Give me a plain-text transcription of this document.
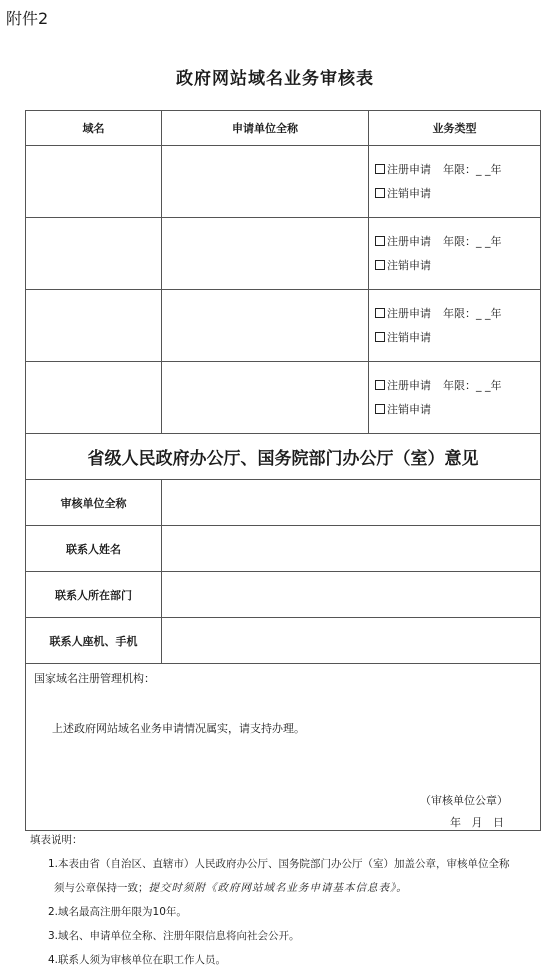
附件2
政府网站域名业务审核表
域名	申请单位全称	业务类型

		注册申请 年限：_ _年
注销申请

		注册申请 年限：_ _年
注销申请

		注册申请 年限：_ _年
注销申请

		注册申请 年限：_ _年
注销申请

省级人民政府办公厅、国务院部门办公厅（室）意见		
审核单位全称		
联系人姓名		
联系人所在部门		
联系人座机、手机		

国家域名注册管理机构：
上述政府网站域名业务申请情况属实，请支持办理。
（审核单位公章）
年   月   日		
填表说明：
1.本表由省（自治区、直辖市）人民政府办公厅、国务院部门办公厅（室）加盖公章，审核单位全称
须与公章保持一致；提交时须附《政府网站域名业务申请基本信息表》。
2.域名最高注册年限为10年。
3.域名、申请单位全称、注册年限信息将向社会公开。
4.联系人须为审核单位在职工作人员。
